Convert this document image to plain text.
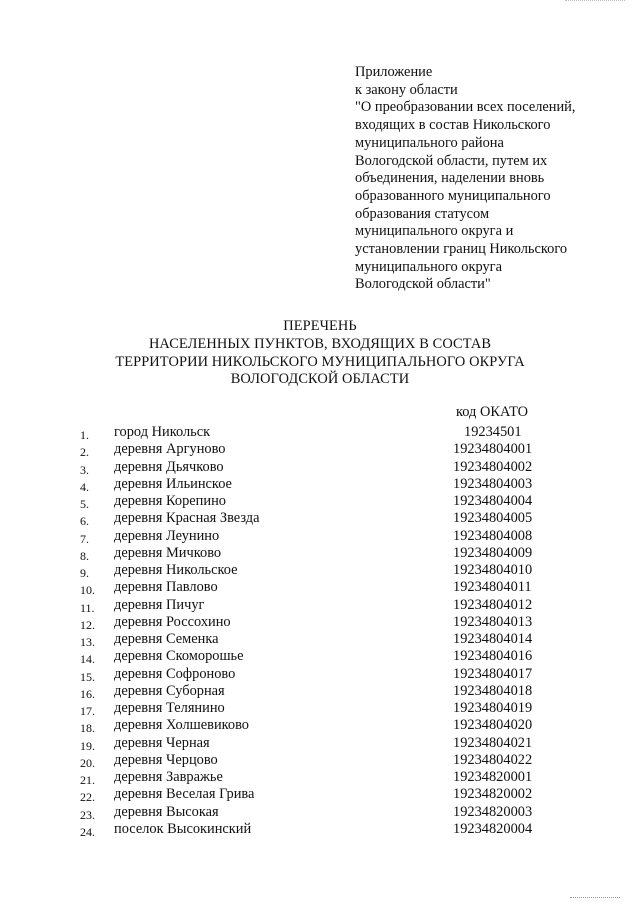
Приложение
к закону области
"О преобразовании всех поселений,
входящих в состав Никольского
муниципального района
Вологодской области, путем их
объединения, наделении вновь
образованного муниципального
образования статусом
муниципального округа и
установлении границ Никольского
муниципального округа
Вологодской области"
ПЕРЕЧЕНЬ
НАСЕЛЕННЫХ ПУНКТОВ, ВХОДЯЩИХ В СОСТАВ
ТЕРРИТОРИИ НИКОЛЬСКОГО МУНИЦИПАЛЬНОГО ОКРУГА
ВОЛОГОДСКОЙ ОБЛАСТИ
код ОКАТО
1. город Никольск	19234501
2. деревня Аргуново	19234804001
3. деревня Дьячково	19234804002
4. деревня Ильинское	19234804003
5. деревня Корепино	19234804004
6. деревня Красная Звезда	19234804005
7. деревня Леунино	19234804008
8. деревня Мичково	19234804009
9. деревня Никольское	19234804010
10. деревня Павлово	19234804011
11. деревня Пичуг	19234804012
12. деревня Россохино	19234804013
13. деревня Семенка	19234804014
14. деревня Скоморошье	19234804016
15. деревня Софроново	19234804017
16. деревня Суборная	19234804018
17. деревня Телянино	19234804019
18. деревня Холшевиково	19234804020
19. деревня Черная	19234804021
20. деревня Черцово	19234804022
21. деревня Завражье	19234820001
22. деревня Веселая Грива	19234820002
23. деревня Высокая	19234820003
24. поселок Высокинский	19234820004
